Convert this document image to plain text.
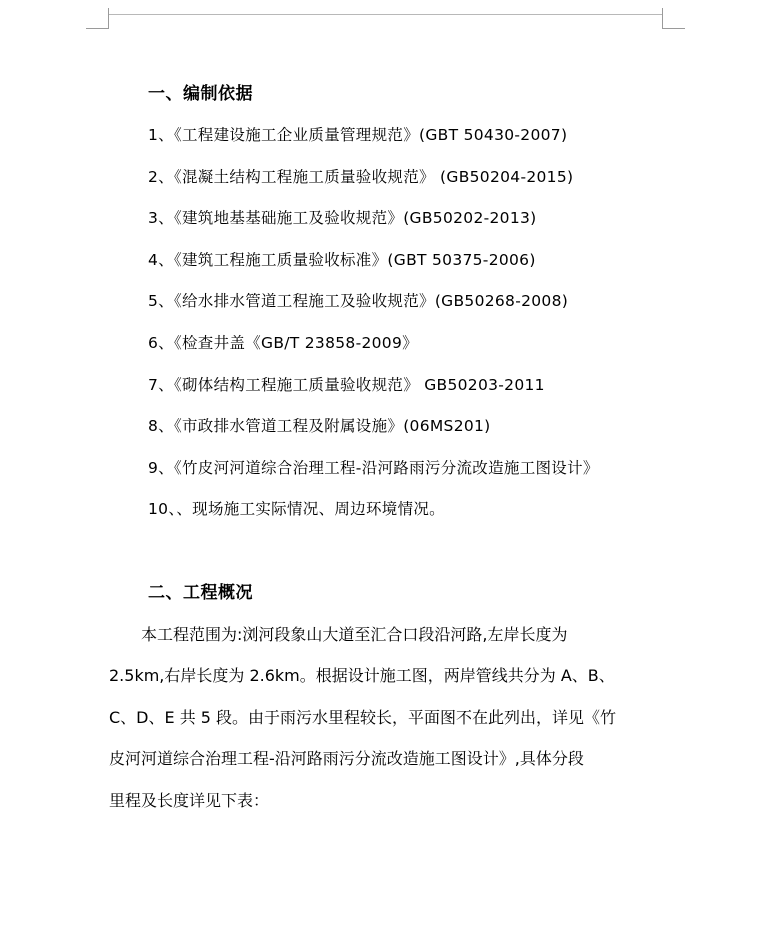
一、编制依据
1、《工程建设施工企业质量管理规范》(GBT 50430-2007)
2、《混凝土结构工程施工质量验收规范》 (GB50204-2015)
3、《建筑地基基础施工及验收规范》(GB50202-2013)
4、《建筑工程施工质量验收标准》(GBT 50375-2006)
5、《给水排水管道工程施工及验收规范》(GB50268-2008)
6、《检查井盖《GB/T 23858-2009》
7、《砌体结构工程施工质量验收规范》 GB50203-2011
8、《市政排水管道工程及附属设施》(06MS201)
9、《竹皮河河道综合治理工程-沿河路雨污分流改造施工图设计》
10、、现场施工实际情况、周边环境情况。
二、工程概况
　　本工程范围为:浏河段象山大道至汇合口段沿河路,左岸长度为
2.5km,右岸长度为 2.6km。根据设计施工图，两岸管线共分为 A、B、
C、D、E 共 5 段。由于雨污水里程较长，平面图不在此列出，详见《竹
皮河河道综合治理工程-沿河路雨污分流改造施工图设计》,具体分段
里程及长度详见下表：
